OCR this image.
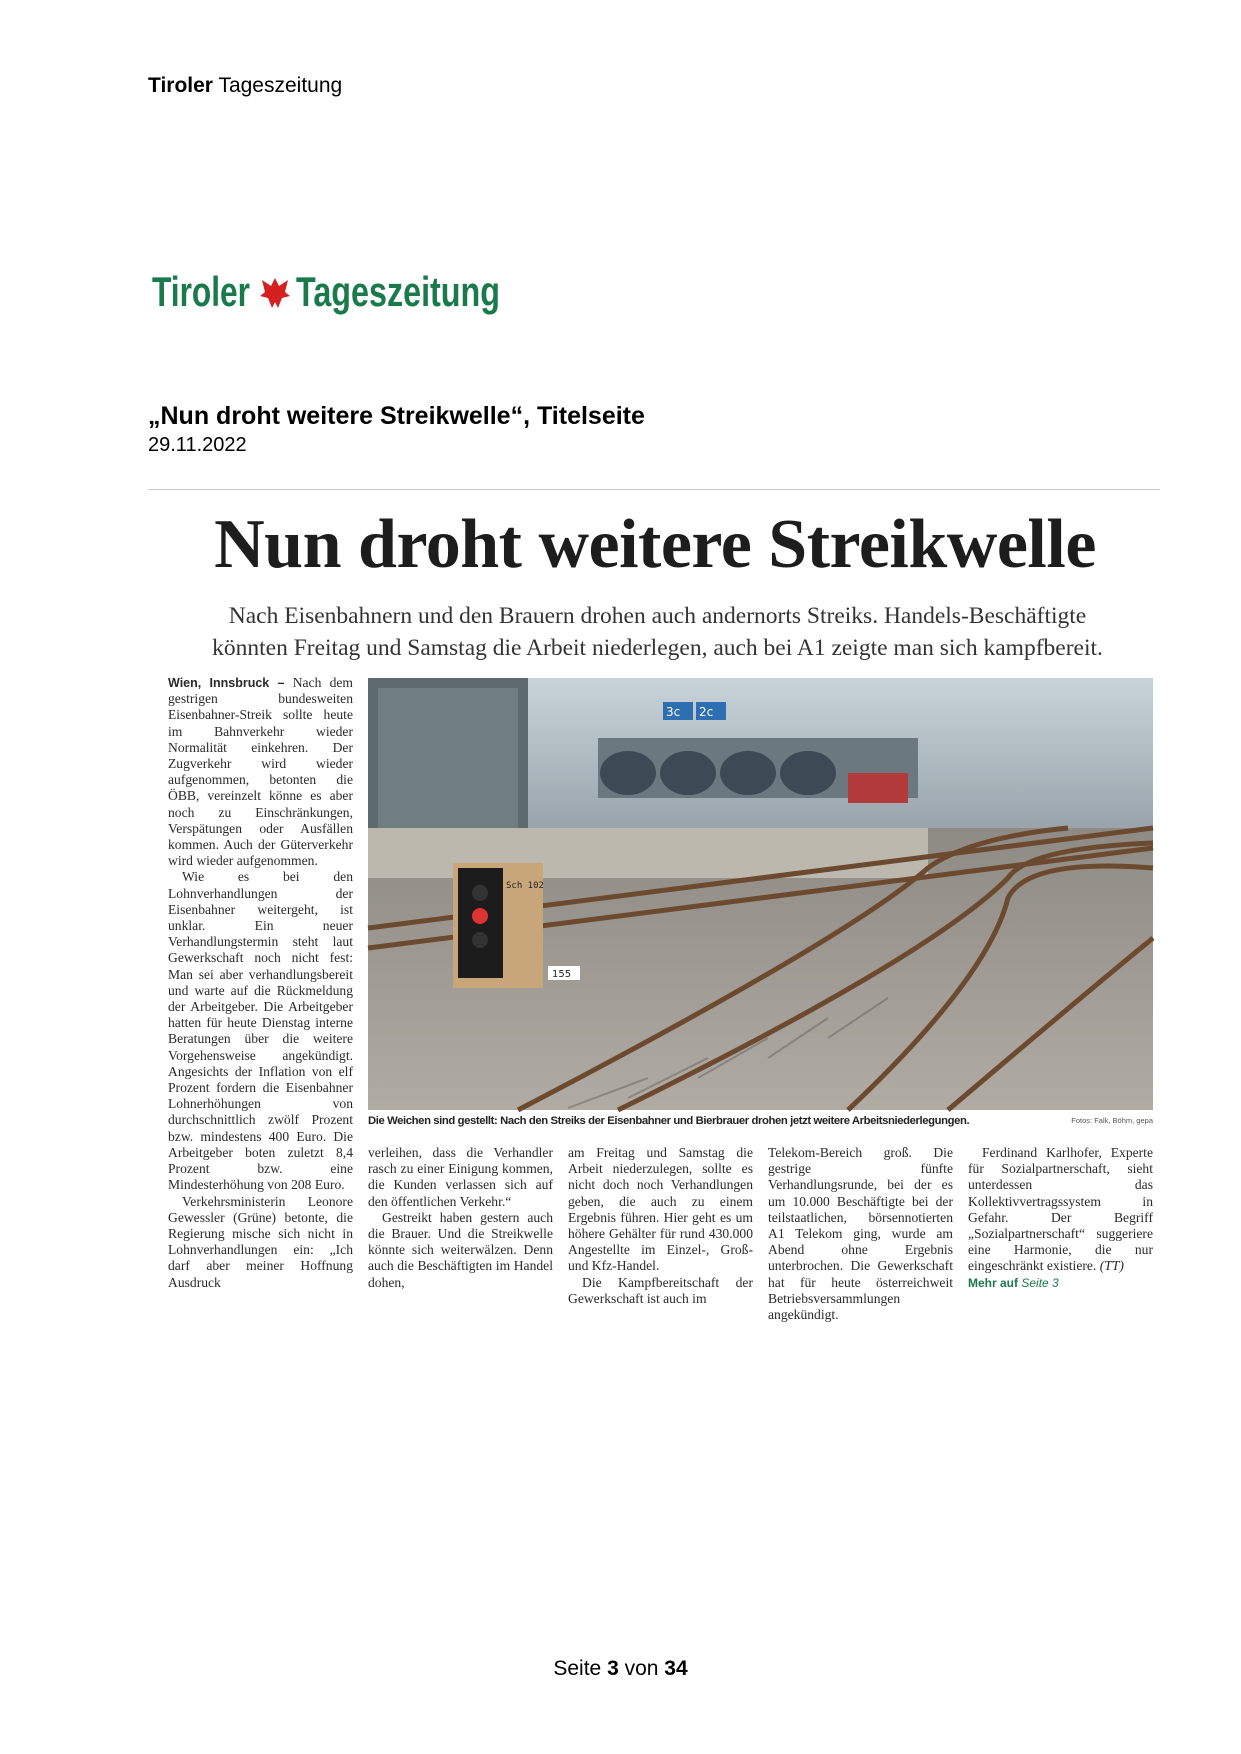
Tiroler Tageszeitung
Tiroler Tageszeitung
„Nun droht weitere Streikwelle“, Titelseite
29.11.2022
Nun droht weitere Streikwelle
Nach Eisenbahnern und den Brauern drohen auch andernorts Streiks. Handels-Beschäftigte
könnten Freitag und Samstag die Arbeit niederlegen, auch bei A1 zeigte man sich kampfbereit.

Wien, Innsbruck – Nach dem gestrigen bundesweiten Eisenbahner-Streik sollte heute im Bahnverkehr wieder Normalität einkehren. Der Zugverkehr wird wieder aufgenommen, betonten die ÖBB, vereinzelt könne es aber noch zu Einschränkungen, Verspätungen oder Ausfällen kommen. Auch der Güterverkehr wird wieder aufgenommen.

Wie es bei den Lohnverhandlungen der Eisenbahner weitergeht, ist unklar. Ein neuer Verhandlungstermin steht laut Gewerkschaft noch nicht fest: Man sei aber verhandlungsbereit und warte auf die Rückmeldung der Arbeitgeber. Die Arbeitgeber hatten für heute Dienstag interne Beratungen über die weitere Vorgehensweise angekündigt. Angesichts der Inflation von elf Prozent fordern die Eisenbahner Lohnerhöhungen von durchschnittlich zwölf Prozent bzw. mindestens 400 Euro. Die Arbeitgeber boten zuletzt 8,4 Prozent bzw. eine Mindesterhöhung von 208 Euro.

Verkehrsministerin Leonore Gewessler (Grüne) betonte, die Regierung mische sich nicht in Lohnverhandlungen ein: „Ich darf aber meiner Hoffnung Ausdruck

3c 2c
Sch 102
155
Die Weichen sind gestellt: Nach den Streiks der Eisenbahner und Bierbrauer drohen jetzt weitere Arbeitsniederlegungen.	Fotos: Falk, Böhm, gepa

verleihen, dass die Verhandler rasch zu einer Einigung kommen, die Kunden verlassen sich auf den öffentlichen Verkehr.“

Gestreikt haben gestern auch die Brauer. Und die Streikwelle könnte sich weiterwälzen. Denn auch die Beschäftigten im Handel dohen,

am Freitag und Samstag die Arbeit niederzulegen, sollte es nicht doch noch Verhandlungen geben, die auch zu einem Ergebnis führen. Hier geht es um höhere Gehälter für rund 430.000 Angestellte im Einzel-, Groß- und Kfz-Handel.

Die Kampfbereitschaft der Gewerkschaft ist auch im

Telekom-Bereich groß. Die gestrige fünfte Verhandlungsrunde, bei der es um 10.000 Beschäftigte bei der teilstaatlichen, börsennotierten A1 Telekom ging, wurde am Abend ohne Ergebnis unterbrochen. Die Gewerkschaft hat für heute österreichweit Betriebsversammlungen angekündigt.

Ferdinand Karlhofer, Experte für Sozialpartnerschaft, sieht unterdessen das Kollektivvertragssystem in Gefahr. Der Begriff „Sozialpartnerschaft“ suggeriere eine Harmonie, die nur eingeschränkt existiere. (TT)

Mehr auf Seite 3

Seite 3 von 34
